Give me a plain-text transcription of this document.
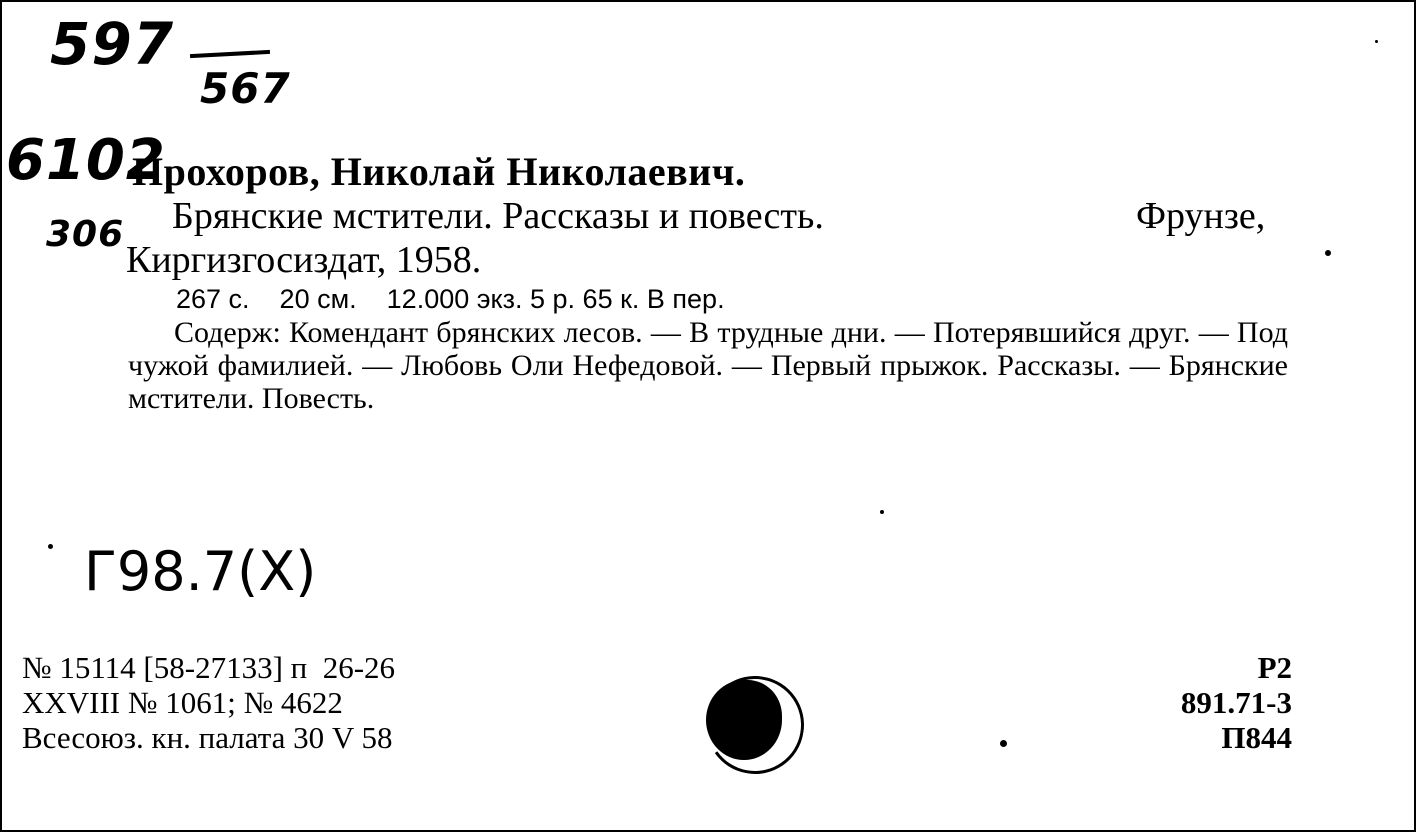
597
567
6102
306
Прохоров, Николай Николаевич.
Брянские мстители. Рассказы и повесть.	Фрунзе,
Киргизгосиздат, 1958.
267 с.    20 см.    12.000 экз. 5 р. 65 к. В пер.
Содерж: Комендант брянских лесов. — В трудные дни. — Потерявшийся друг. — Под чужой фамилией. — Любовь Оли Нефедовой. — Первый прыжок. Рассказы. — Брянские мстители. Повесть.
Г98.7(Х)
№ 15114 [58-27133] п  26-26
XXVIII № 1061; № 4622
Всесоюз. кн. палата 30 V 58
Р2
891.71-3
П844
